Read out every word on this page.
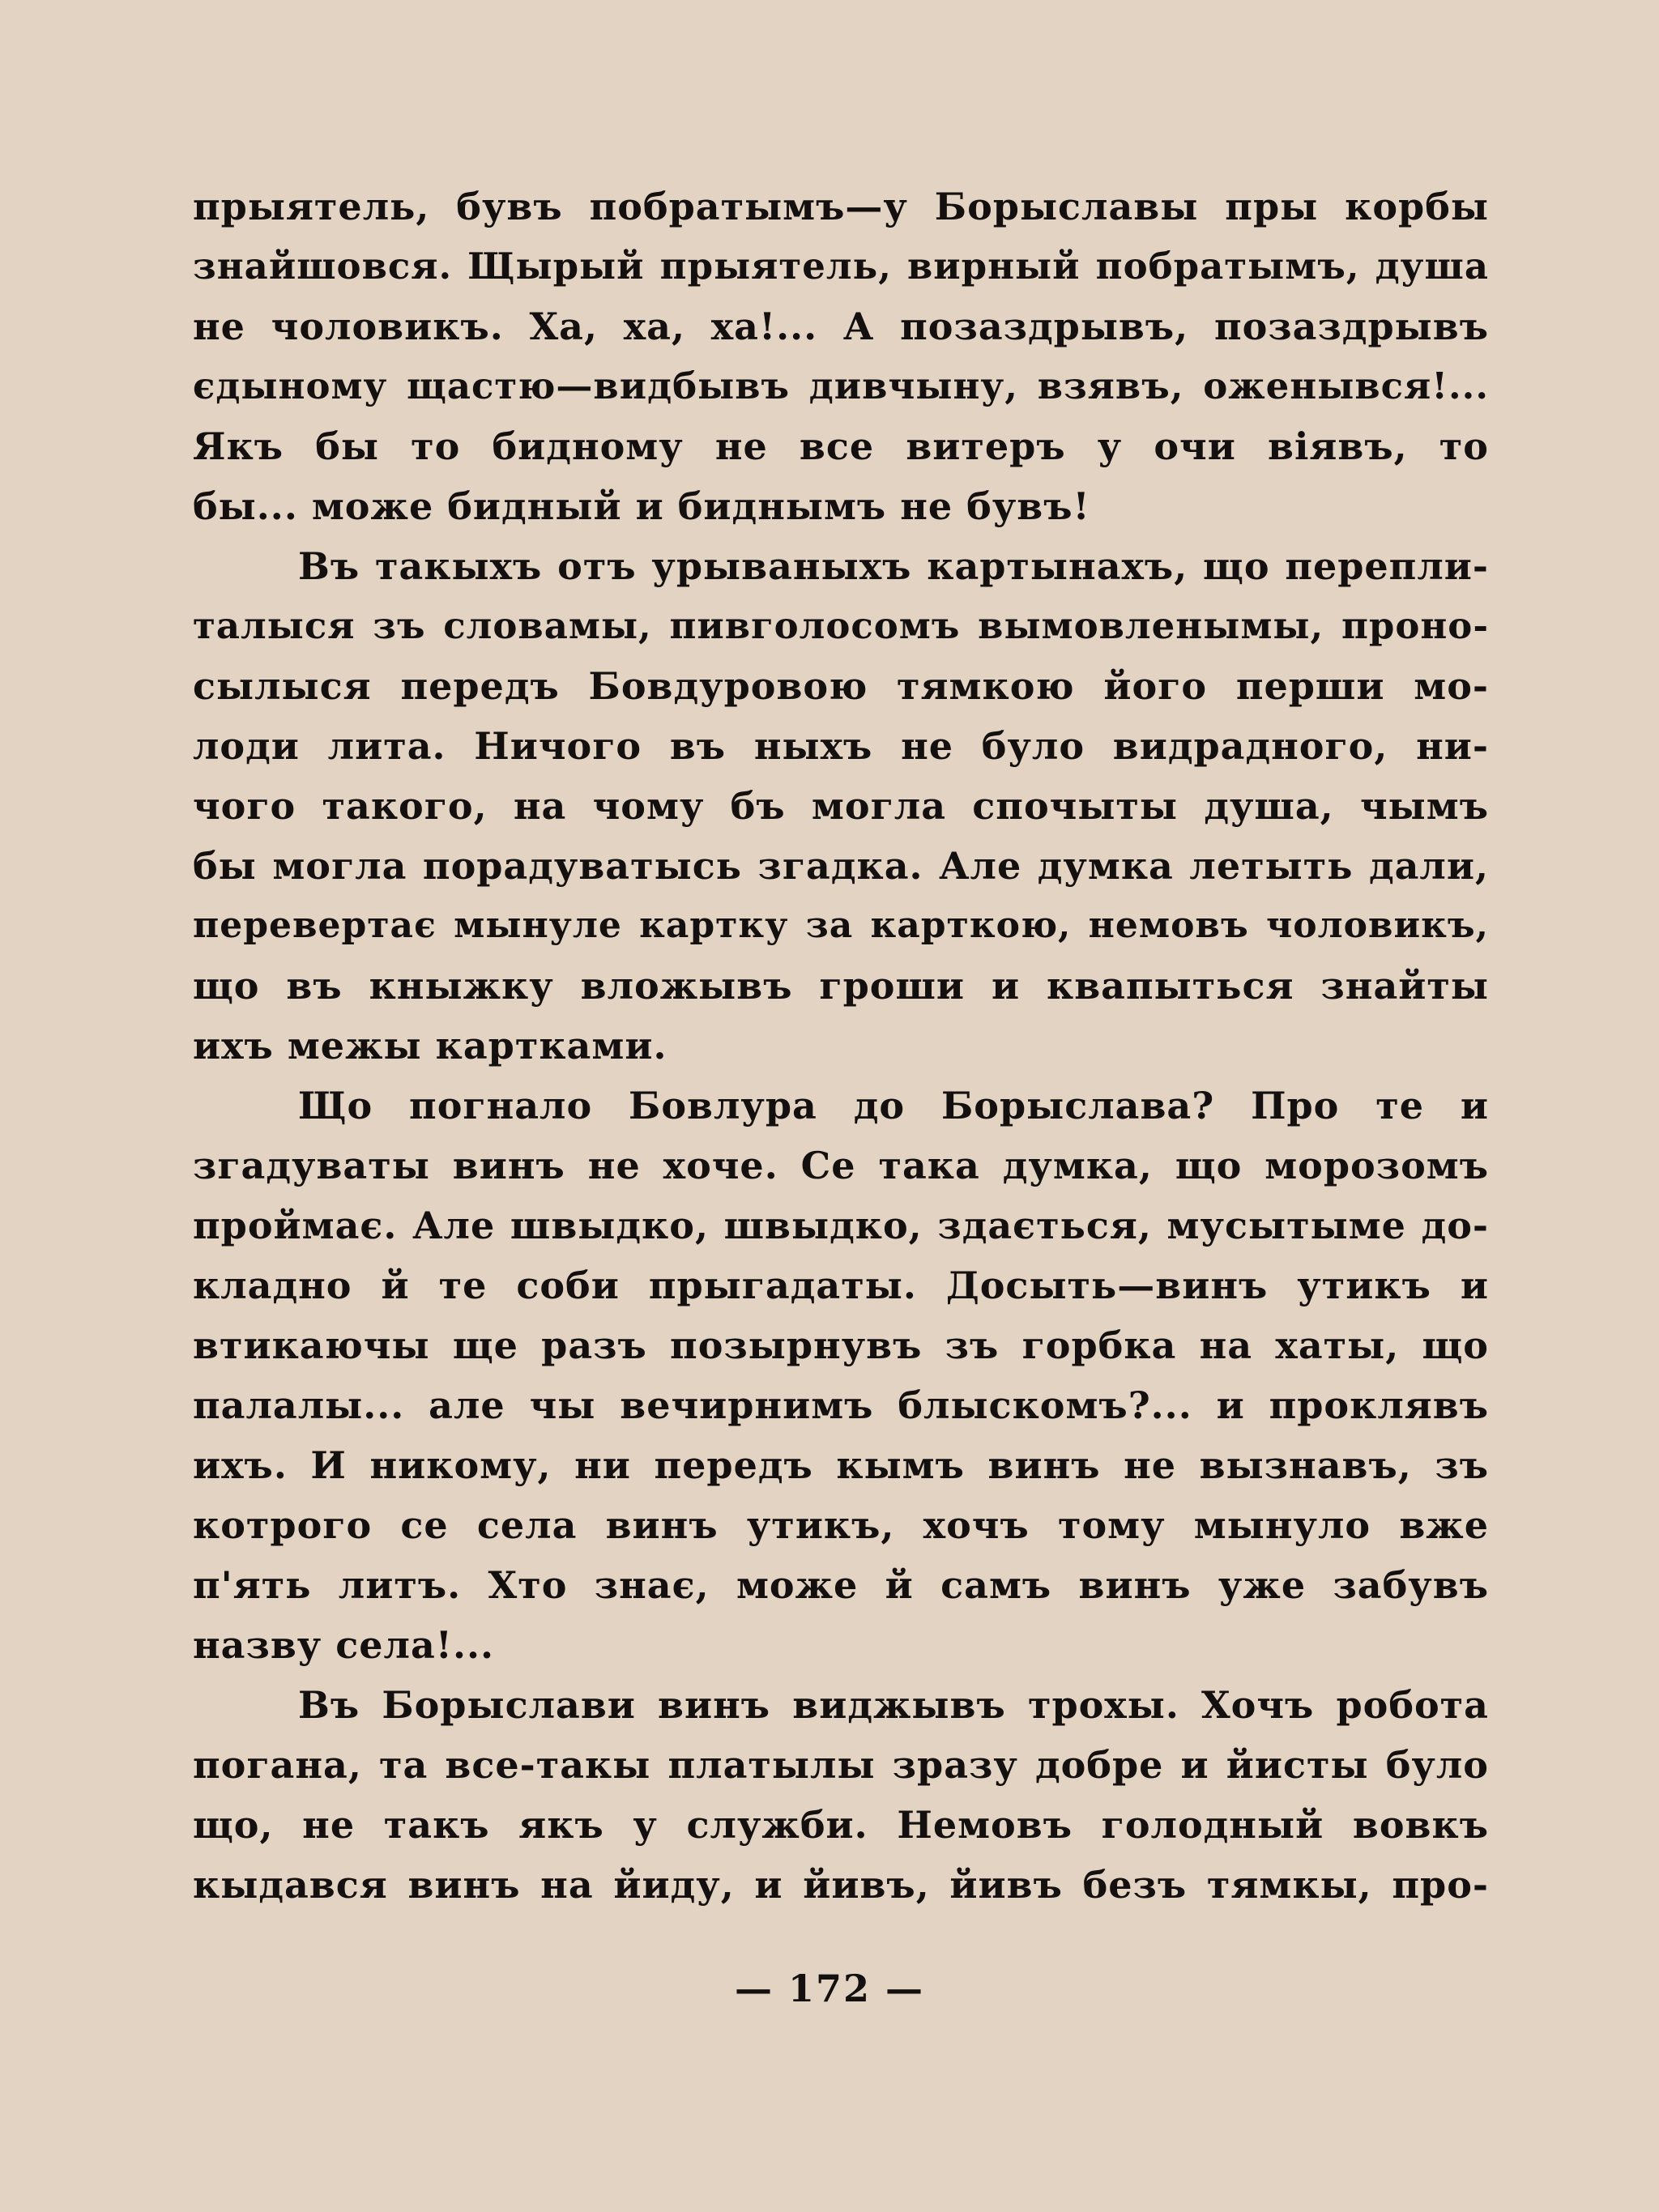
прыятель, бувъ побратымъ—у Борыславы пры корбы
знайшовся. Щырый прыятель, вирный побратымъ, душа
не чоловикъ. Ха, ха, ха!... А позаздрывъ, позаздрывъ
єдыному щастю—видбывъ дивчыну, взявъ, оженывся!...
Якъ бы то бидному не все витеръ у очи віявъ, то
бы... може бидный и биднымъ не бувъ!
Въ такыхъ отъ урываныхъ картынахъ, що перепли-
талыся зъ словамы, пивголосомъ вымовленымы, проно-
сылыся передъ Бовдуровою тямкою його перши мо-
лоди лита. Ничого въ ныхъ не було видрадного, ни-
чого такого, на чому бъ могла спочыты душа, чымъ
бы могла порадуватысь згадка. Але думка летыть дали,
перевертає мынуле картку за карткою, немовъ чоловикъ,
що въ кныжку вложывъ гроши и квапыться знайты
ихъ межы картками.
Що погнало Бовлура до Борыслава? Про те и
згадуваты винъ не хоче. Се така думка, що морозомъ
проймає. Але швыдко, швыдко, здається, мусытыме до-
кладно й те соби прыгадаты. Досыть—винъ утикъ и
втикаючы ще разъ позырнувъ зъ горбка на хаты, що
палалы... але чы вечирнимъ блыскомъ?... и проклявъ
ихъ. И никому, ни передъ кымъ винъ не вызнавъ, зъ
котрого се села винъ утикъ, хочъ тому мынуло вже
п'ять литъ. Хто знає, може й самъ винъ уже забувъ
назву села!...
Въ Борыслави винъ виджывъ трохы. Хочъ робота
погана, та все-такы платылы зразу добре и йисты було
що, не такъ якъ у служби. Немовъ голодный вовкъ
кыдався винъ на йиду, и йивъ, йивъ безъ тямкы, про-
— 172 —
